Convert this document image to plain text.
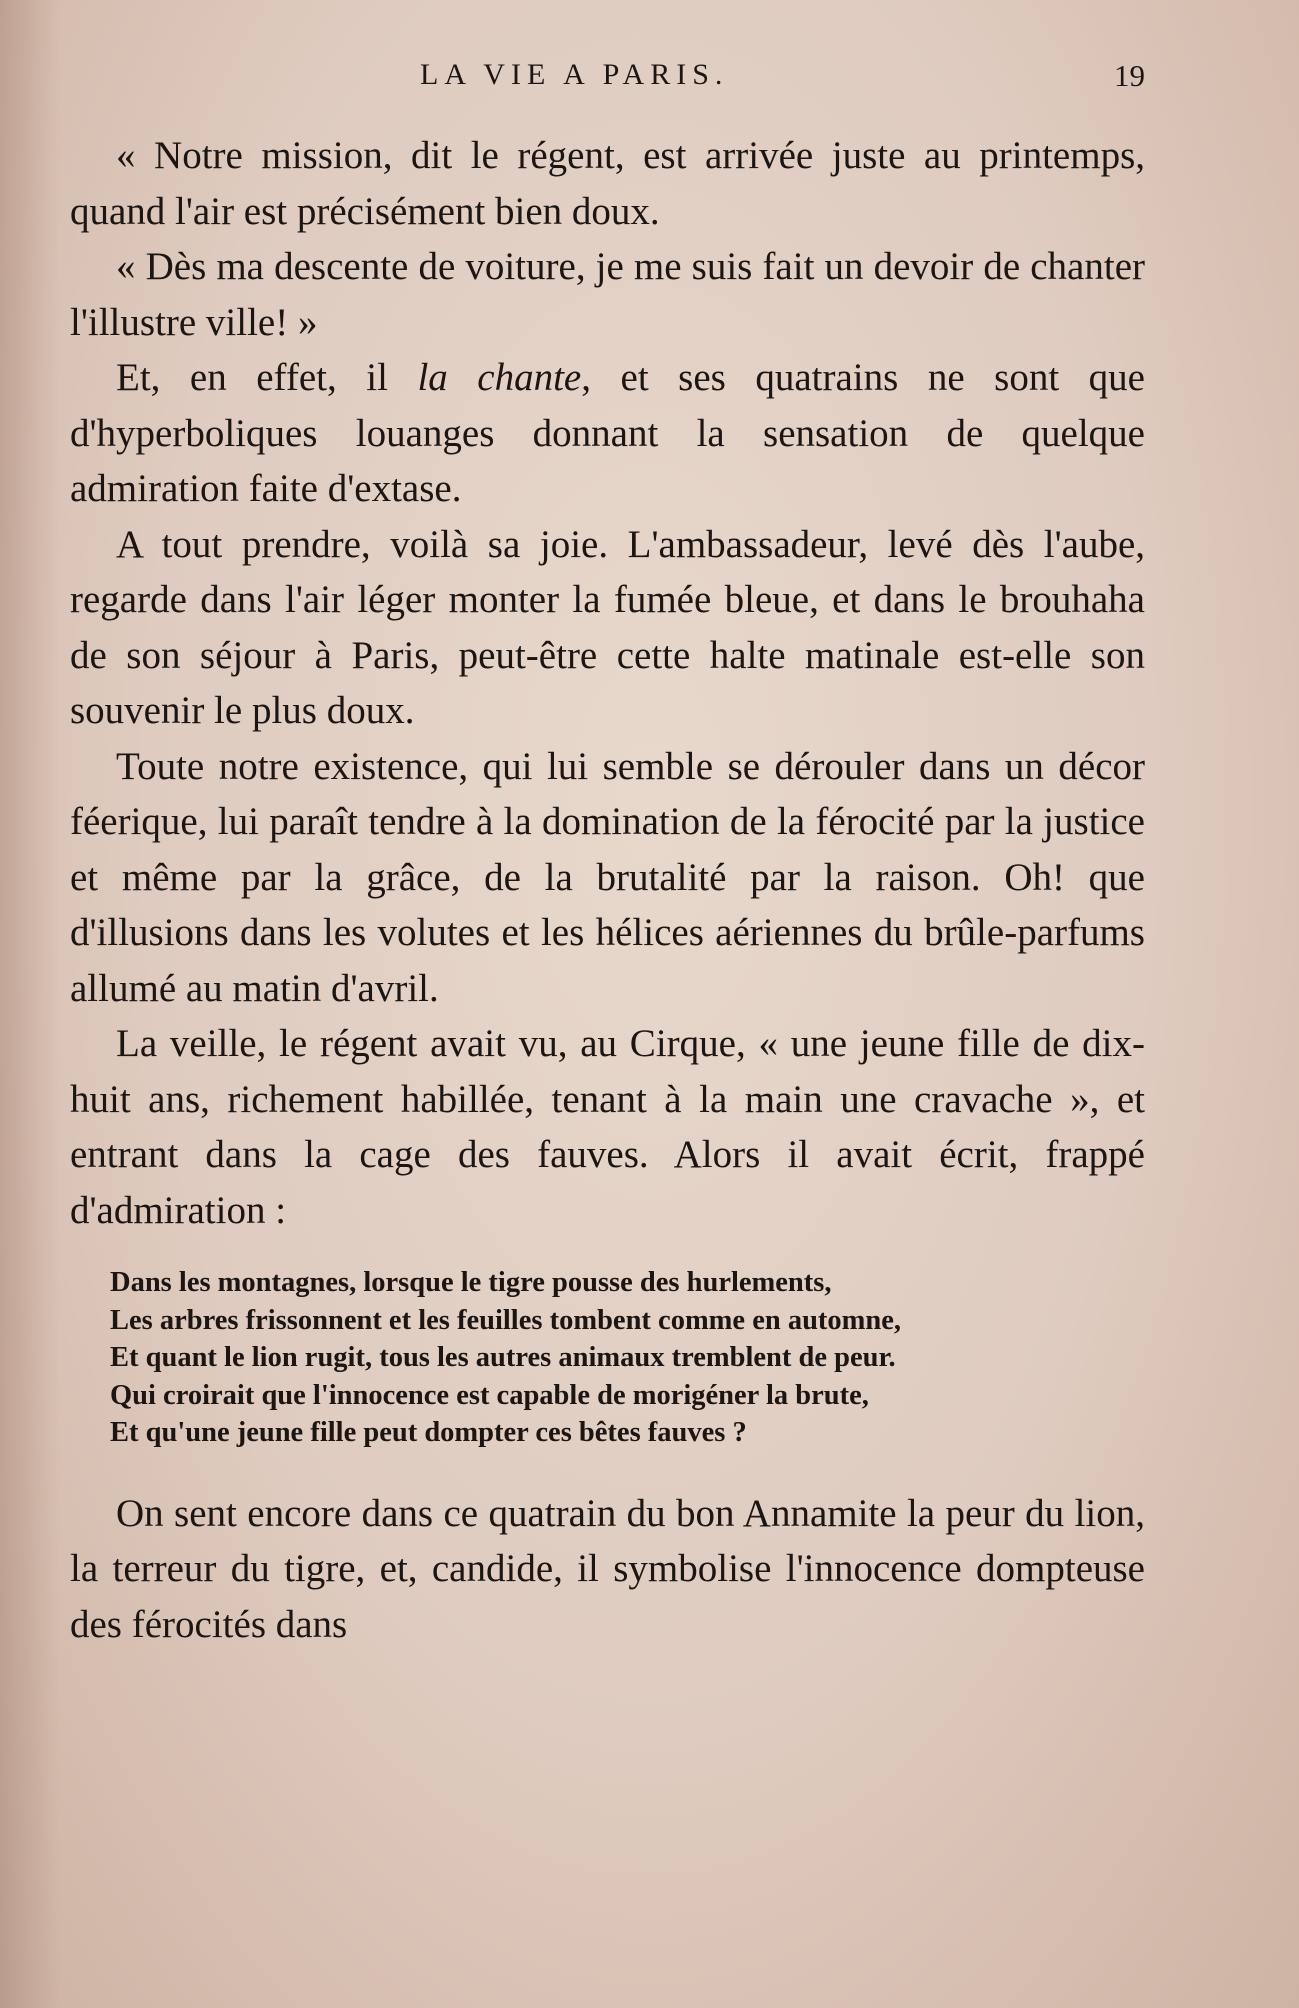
LA VIE A PARIS.	19

« Notre mission, dit le régent, est arrivée juste au printemps, quand l'air est précisément bien doux.

« Dès ma descente de voiture, je me suis fait un devoir de chanter l'illustre ville! »

Et, en effet, il la chante, et ses quatrains ne sont que d'hyperboliques louanges donnant la sensation de quelque admiration faite d'extase.

A tout prendre, voilà sa joie. L'ambassadeur, levé dès l'aube, regarde dans l'air léger monter la fumée bleue, et dans le brouhaha de son séjour à Paris, peut-être cette halte matinale est-elle son souvenir le plus doux.

Toute notre existence, qui lui semble se dérouler dans un décor féerique, lui paraît tendre à la domination de la férocité par la justice et même par la grâce, de la brutalité par la raison. Oh! que d'illusions dans les volutes et les hélices aériennes du brûle-parfums allumé au matin d'avril.

La veille, le régent avait vu, au Cirque, « une jeune fille de dix-huit ans, richement habillée, tenant à la main une cravache », et entrant dans la cage des fauves. Alors il avait écrit, frappé d'admiration :

Dans les montagnes, lorsque le tigre pousse des hurlements,
Les arbres frissonnent et les feuilles tombent comme en automne,
Et quant le lion rugit, tous les autres animaux tremblent de peur.
Qui croirait que l'innocence est capable de morigéner la brute,
Et qu'une jeune fille peut dompter ces bêtes fauves ?

On sent encore dans ce quatrain du bon Annamite la peur du lion, la terreur du tigre, et, candide, il symbolise l'innocence dompteuse des férocités dans
